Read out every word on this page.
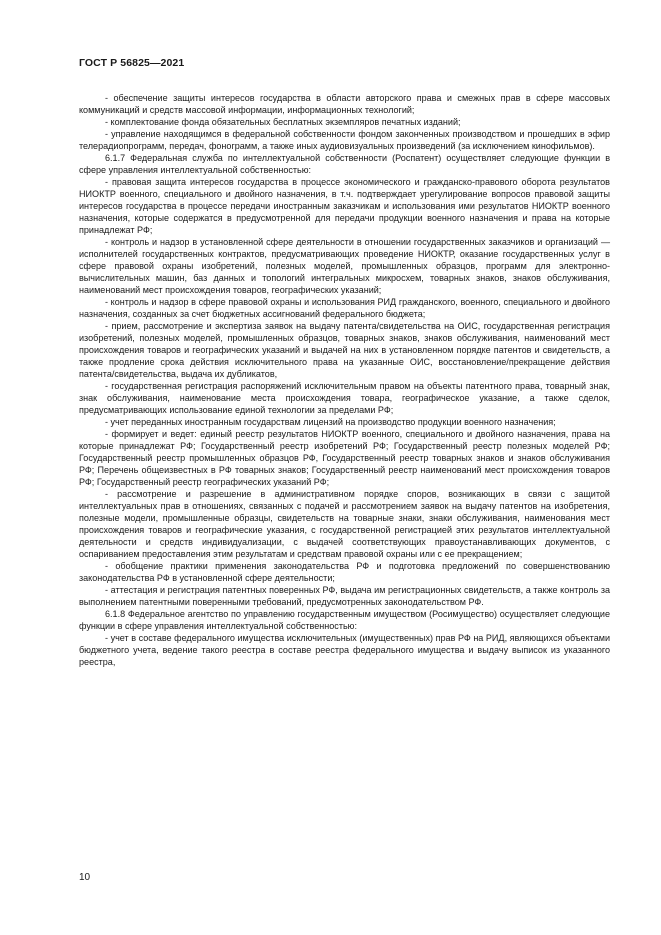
ГОСТ Р 56825—2021

- обеспечение защиты интересов государства в области авторского права и смежных прав в сфере массовых коммуникаций и средств массовой информации, информационных технологий;

- комплектование фонда обязательных бесплатных экземпляров печатных изданий;

- управление находящимся в федеральной собственности фондом законченных производством и прошедших в эфир телерадиопрограмм, передач, фонограмм, а также иных аудиовизуальных произведений (за исключением кинофильмов).

6.1.7 Федеральная служба по интеллектуальной собственности (Роспатент) осуществляет следующие функции в сфере управления интеллектуальной собственностью:

- правовая защита интересов государства в процессе экономического и гражданско-правового оборота результатов НИОКТР военного, специального и двойного назначения, в т.ч. подтверждает урегулирование вопросов правовой защиты интересов государства в процессе передачи иностранным заказчикам и использования ими результатов НИОКТР военного назначения, которые содержатся в предусмотренной для передачи продукции военного назначения и права на которые принадлежат РФ;

- контроль и надзор в установленной сфере деятельности в отношении государственных заказчиков и организаций — исполнителей государственных контрактов, предусматривающих проведение НИОКТР, оказание государственных услуг в сфере правовой охраны изобретений, полезных моделей, промышленных образцов, программ для электронно-вычислительных машин, баз данных и топологий интегральных микросхем, товарных знаков, знаков обслуживания, наименований мест происхождения товаров, географических указаний;

- контроль и надзор в сфере правовой охраны и использования РИД гражданского, военного, специального и двойного назначения, созданных за счет бюджетных ассигнований федерального бюджета;

- прием, рассмотрение и экспертиза заявок на выдачу патента/свидетельства на ОИС, государственная регистрация изобретений, полезных моделей, промышленных образцов, товарных знаков, знаков обслуживания, наименований мест происхождения товаров и географических указаний и выдачей на них в установленном порядке патентов и свидетельств, а также продление срока действия исключительного права на указанные ОИС, восстановление/прекращение действия патента/свидетельства, выдача их дубликатов,

- государственная регистрация распоряжений исключительным правом на объекты патентного права, товарный знак, знак обслуживания, наименование места происхождения товара, географическое указание, а также сделок, предусматривающих использование единой технологии за пределами РФ;

- учет переданных иностранным государствам лицензий на производство продукции военного назначения;

- формирует и ведет: единый реестр результатов НИОКТР военного, специального и двойного назначения, права на которые принадлежат РФ; Государственный реестр изобретений РФ; Государственный реестр полезных моделей РФ; Государственный реестр промышленных образцов РФ, Государственный реестр товарных знаков и знаков обслуживания РФ; Перечень общеизвестных в РФ товарных знаков; Государственный реестр наименований мест происхождения товаров РФ; Государственный реестр географических указаний РФ;

- рассмотрение и разрешение в административном порядке споров, возникающих в связи с защитой интеллектуальных прав в отношениях, связанных с подачей и рассмотрением заявок на выдачу патентов на изобретения, полезные модели, промышленные образцы, свидетельств на товарные знаки, знаки обслуживания, наименования мест происхождения товаров и географические указания, с государственной регистрацией этих результатов интеллектуальной деятельности и средств индивидуализации, с выдачей соответствующих правоустанавливающих документов, с оспариванием предоставления этим результатам и средствам правовой охраны или с ее прекращением;

- обобщение практики применения законодательства РФ и подготовка предложений по совершенствованию законодательства РФ в установленной сфере деятельности;

- аттестация и регистрация патентных поверенных РФ, выдача им регистрационных свидетельств, а также контроль за выполнением патентными поверенными требований, предусмотренных законодательством РФ.

6.1.8 Федеральное агентство по управлению государственным имуществом (Росимущество) осуществляет следующие функции в сфере управления интеллектуальной собственностью:

- учет в составе федерального имущества исключительных (имущественных) прав РФ на РИД, являющихся объектами бюджетного учета, ведение такого реестра в составе реестра федерального имущества и выдачу выписок из указанного реестра,

10
